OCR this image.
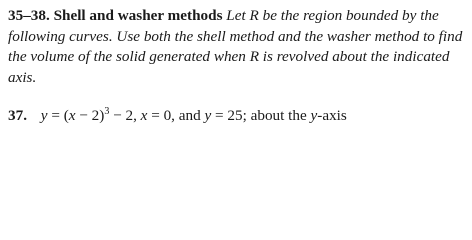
35–38. Shell and washer methods Let R be the region bounded by the following curves. Use both the shell method and the washer method to find the volume of the solid generated when R is revolved about the indicated axis.
37. $y = (x - 2)^3 - 2$, x = 0, and y = 25; about the y-axis
